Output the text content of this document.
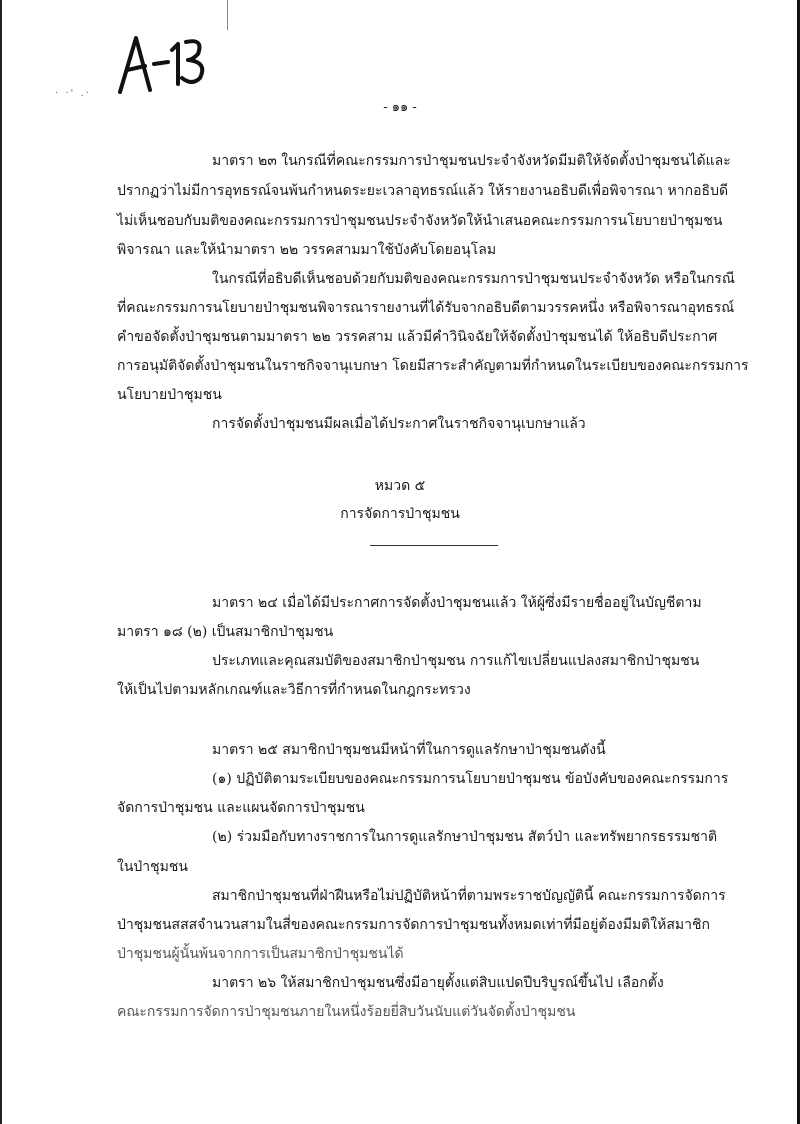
· ·' .·
- ๑๑ -
มาตรา ๒๓ ในกรณีที่คณะกรรมการป่าชุมชนประจำจังหวัดมีมติให้จัดตั้งป่าชุมชนได้และ
ปรากฏว่าไม่มีการอุทธรณ์จนพ้นกำหนดระยะเวลาอุทธรณ์แล้ว ให้รายงานอธิบดีเพื่อพิจารณา หากอธิบดี
ไม่เห็นชอบกับมติของคณะกรรมการป่าชุมชนประจำจังหวัดให้นำเสนอคณะกรรมการนโยบายป่าชุมชน
พิจารณา และให้นำมาตรา ๒๒ วรรคสามมาใช้บังคับโดยอนุโลม
ในกรณีที่อธิบดีเห็นชอบด้วยกับมติของคณะกรรมการป่าชุมชนประจำจังหวัด หรือในกรณี
ที่คณะกรรมการนโยบายป่าชุมชนพิจารณารายงานที่ได้รับจากอธิบดีตามวรรคหนึ่ง หรือพิจารณาอุทธรณ์
คำขอจัดตั้งป่าชุมชนตามมาตรา ๒๒ วรรคสาม แล้วมีคำวินิจฉัยให้จัดตั้งป่าชุมชนได้ ให้อธิบดีประกาศ
การอนุมัติจัดตั้งป่าชุมชนในราชกิจจานุเบกษา โดยมีสาระสำคัญตามที่กำหนดในระเบียบของคณะกรรมการ
นโยบายป่าชุมชน
การจัดตั้งป่าชุมชนมีผลเมื่อได้ประกาศในราชกิจจานุเบกษาแล้ว
หมวด ๕
การจัดการป่าชุมชน
มาตรา ๒๔ เมื่อได้มีประกาศการจัดตั้งป่าชุมชนแล้ว ให้ผู้ซึ่งมีรายชื่ออยู่ในบัญชีตาม
มาตรา ๑๘ (๒) เป็นสมาชิกป่าชุมชน
ประเภทและคุณสมบัติของสมาชิกป่าชุมชน การแก้ไขเปลี่ยนแปลงสมาชิกป่าชุมชน
ให้เป็นไปตามหลักเกณฑ์และวิธีการที่กำหนดในกฎกระทรวง
มาตรา ๒๕ สมาชิกป่าชุมชนมีหน้าที่ในการดูแลรักษาป่าชุมชนดังนี้
(๑) ปฏิบัติตามระเบียบของคณะกรรมการนโยบายป่าชุมชน ข้อบังคับของคณะกรรมการ
จัดการป่าชุมชน และแผนจัดการป่าชุมชน
(๒) ร่วมมือกับทางราชการในการดูแลรักษาป่าชุมชน สัตว์ป่า และทรัพยากรธรรมชาติ
ในป่าชุมชน
สมาชิกป่าชุมชนที่ฝ่าฝืนหรือไม่ปฏิบัติหน้าที่ตามพระราชบัญญัตินี้ คณะกรรมการจัดการ
ป่าชุมชนสสสจำนวนสามในสี่ของคณะกรรมการจัดการป่าชุมชนทั้งหมดเท่าที่มีอยู่ต้องมีมติให้สมาชิก
ป่าชุมชนผู้นั้นพ้นจากการเป็นสมาชิกป่าชุมชนได้
มาตรา ๒๖ ให้สมาชิกป่าชุมชนซึ่งมีอายุตั้งแต่สิบแปดปีบริบูรณ์ขึ้นไป เลือกตั้ง
คณะกรรมการจัดการป่าชุมชนภายในหนึ่งร้อยยี่สิบวันนับแต่วันจัดตั้งป่าชุมชน
